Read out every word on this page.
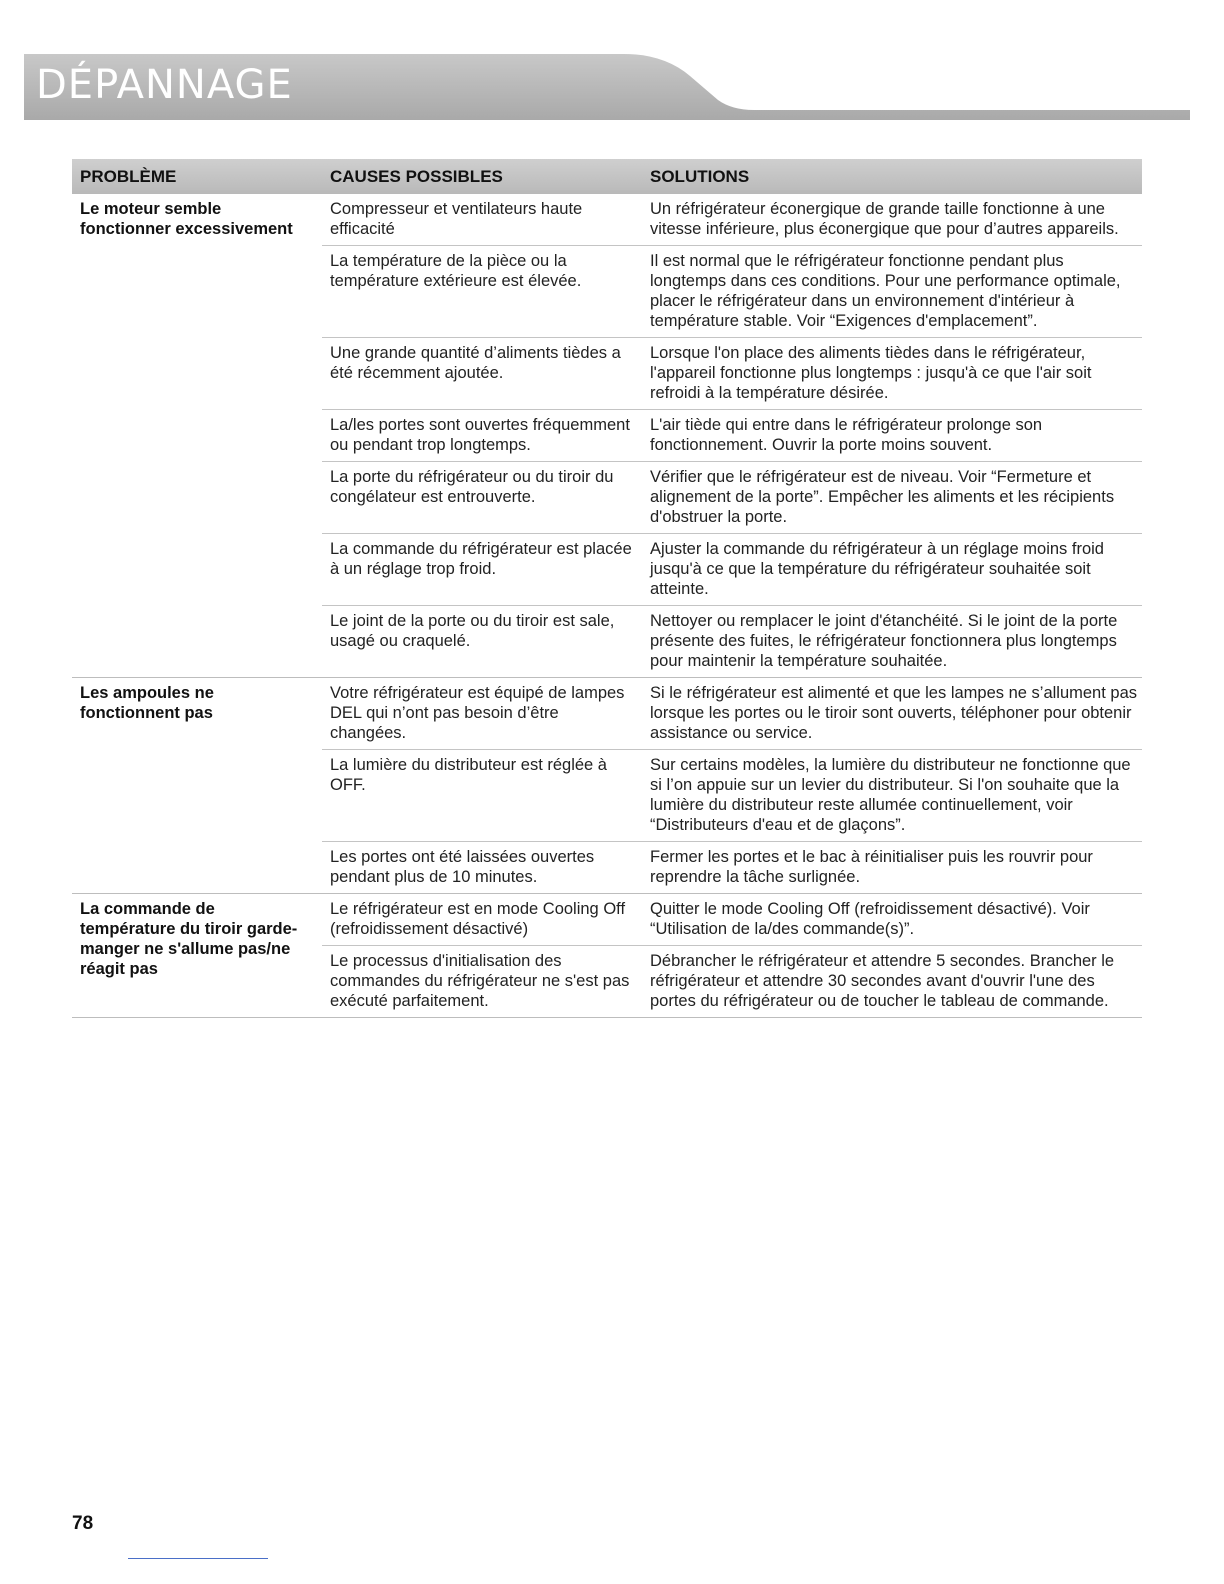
DÉPANNAGE
PROBLÈME	CAUSES POSSIBLES	SOLUTIONS
Le moteur semble fonctionner excessivement
Compresseur et ventilateurs haute efficacité
Un réfrigérateur éconergique de grande taille fonctionne à une vitesse inférieure, plus éconergique que pour d’autres appareils.
La température de la pièce ou la température extérieure est élevée.
Il est normal que le réfrigérateur fonctionne pendant plus longtemps dans ces conditions. Pour une performance optimale, placer le réfrigérateur dans un environnement d'intérieur à température stable. Voir “Exigences d'emplacement”.
Une grande quantité d’aliments tièdes a été récemment ajoutée.
Lorsque l'on place des aliments tièdes dans le réfrigérateur, l'appareil fonctionne plus longtemps : jusqu'à ce que l'air soit refroidi à la température désirée.
La/les portes sont ouvertes fréquemment ou pendant trop longtemps.
L'air tiède qui entre dans le réfrigérateur prolonge son fonctionnement. Ouvrir la porte moins souvent.
La porte du réfrigérateur ou du tiroir du congélateur est entrouverte.
Vérifier que le réfrigérateur est de niveau. Voir “Fermeture et alignement de la porte”. Empêcher les aliments et les récipients d'obstruer la porte.
La commande du réfrigérateur est placée à un réglage trop froid.
Ajuster la commande du réfrigérateur à un réglage moins froid jusqu'à ce que la température du réfrigérateur souhaitée soit atteinte.
Le joint de la porte ou du tiroir est sale, usagé ou craquelé.
Nettoyer ou remplacer le joint d'étanchéité. Si le joint de la porte présente des fuites, le réfrigérateur fonctionnera plus longtemps pour maintenir la température souhaitée.
Les ampoules ne fonctionnent pas
Votre réfrigérateur est équipé de lampes DEL qui n’ont pas besoin d’être changées.
Si le réfrigérateur est alimenté et que les lampes ne s’allument pas lorsque les portes ou le tiroir sont ouverts, téléphoner pour obtenir assistance ou service.
La lumière du distributeur est réglée à OFF.
Sur certains modèles, la lumière du distributeur ne fonctionne que si l’on appuie sur un levier du distributeur. Si l'on souhaite que la lumière du distributeur reste allumée continuellement, voir “Distributeurs d'eau et de glaçons”.
Les portes ont été laissées ouvertes pendant plus de 10 minutes.
Fermer les portes et le bac à réinitialiser puis les rouvrir pour reprendre la tâche surlignée.
La commande de température du tiroir garde-manger ne s'allume pas/ne réagit pas
Le réfrigérateur est en mode Cooling Off (refroidissement désactivé)
Quitter le mode Cooling Off (refroidissement désactivé). Voir “Utilisation de la/des commande(s)”.
Le processus d'initialisation des commandes du réfrigérateur ne s'est pas exécuté parfaitement.
Débrancher le réfrigérateur et attendre 5 secondes. Brancher le réfrigérateur et attendre 30 secondes avant d'ouvrir l'une des portes du réfrigérateur ou de toucher le tableau de commande.
78
